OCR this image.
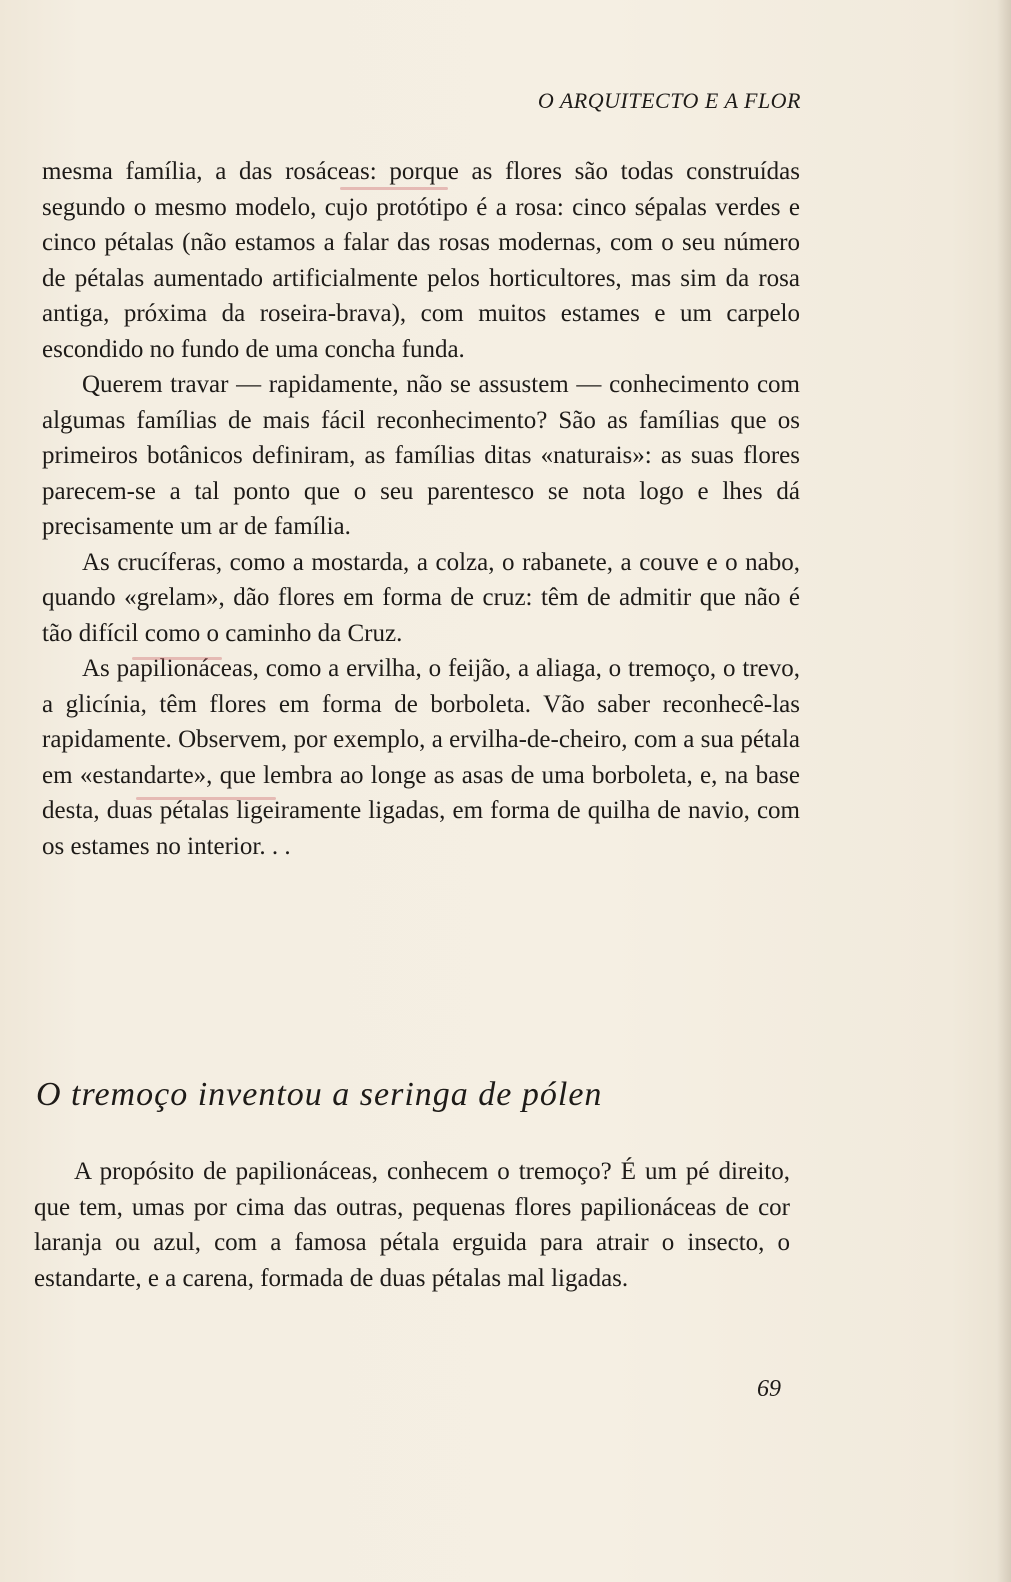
O ARQUITECTO E A FLOR

mesma família, a das rosáceas: porque as flores são todas construídas segundo o mesmo modelo, cujo protótipo é a rosa: cinco sépalas verdes e cinco pétalas (não estamos a falar das rosas modernas, com o seu número de pétalas aumentado artificialmente pelos horticultores, mas sim da rosa antiga, próxima da roseira-brava), com muitos estames e um carpelo escondido no fundo de uma concha funda.

Querem travar — rapidamente, não se assustem — conhecimento com algumas famílias de mais fácil reconhecimento? São as famílias que os primeiros botânicos definiram, as famílias ditas «naturais»: as suas flores parecem-se a tal ponto que o seu parentesco se nota logo e lhes dá precisamente um ar de família.

As crucíferas, como a mostarda, a colza, o rabanete, a couve e o nabo, quando «grelam», dão flores em forma de cruz: têm de admitir que não é tão difícil como o caminho da Cruz.

As papilionáceas, como a ervilha, o feijão, a aliaga, o tremoço, o trevo, a glicínia, têm flores em forma de borboleta. Vão saber reconhecê-las rapidamente. Observem, por exemplo, a ervilha-de-cheiro, com a sua pétala em «estandarte», que lembra ao longe as asas de uma borboleta, e, na base desta, duas pétalas ligeiramente ligadas, em forma de quilha de navio, com os estames no interior. . .

O tremoço inventou a seringa de pólen

A propósito de papilionáceas, conhecem o tremoço? É um pé direito, que tem, umas por cima das outras, pequenas flores papilionáceas de cor laranja ou azul, com a famosa pétala erguida para atrair o insecto, o estandarte, e a carena, formada de duas pétalas mal ligadas.

69
